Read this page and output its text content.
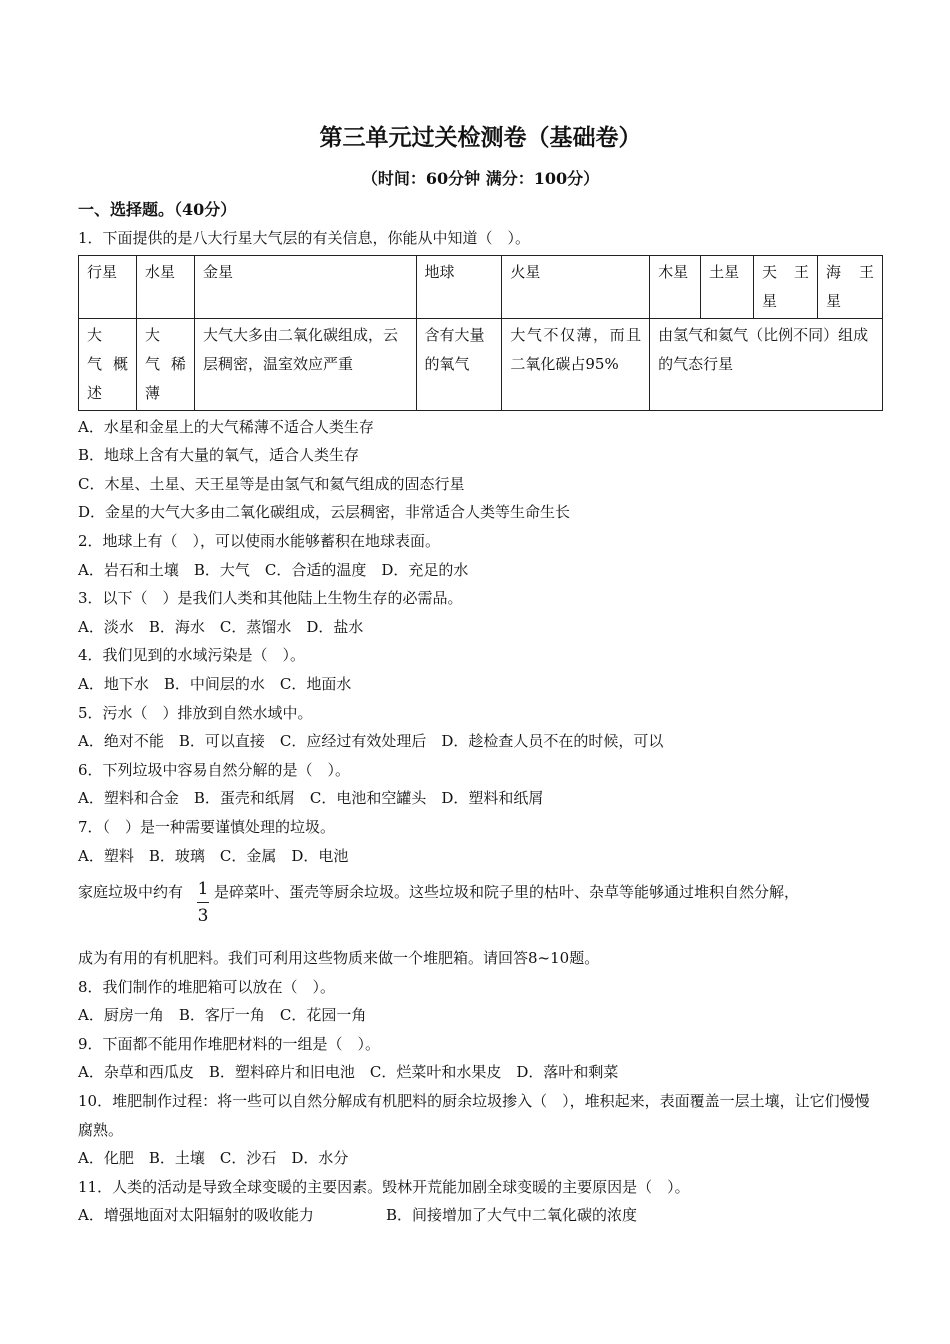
第三单元过关检测卷（基础卷）
（时间：60分钟 满分：100分）
一、选择题。（40分）
1．下面提供的是八大行星大气层的有关信息，你能从中知道（　）。
行星	水星	金星	地球	火星	木星	土星	天　王星	海　王星
大　气概述	大　气稀薄	大气大多由二氧化碳组成，云层稠密，温室效应严重	含有大量的氧气	大气不仅薄，而且二氧化碳占95%	由氢气和氦气（比例不同）组成的气态行星			
A．水星和金星上的大气稀薄不适合人类生存
B．地球上含有大量的氧气，适合人类生存
C．木星、土星、天王星等是由氢气和氦气组成的固态行星
D．金星的大气大多由二氧化碳组成，云层稠密，非常适合人类等生命生长
2．地球上有（　），可以使雨水能够蓄积在地球表面。
A．岩石和土壤　B．大气　C．合适的温度　D．充足的水
3．以下（　）是我们人类和其他陆上生物生存的必需品。
A．淡水　B．海水　C．蒸馏水　D．盐水
4．我们见到的水域污染是（　）。
A．地下水　B．中间层的水　C．地面水
5．污水（　）排放到自然水域中。
A．绝对不能　B．可以直接　C．应经过有效处理后　D．趁检查人员不在的时候，可以
6．下列垃圾中容易自然分解的是（　）。
A．塑料和合金　B．蛋壳和纸屑　C．电池和空罐头　D．塑料和纸屑
7．（　）是一种需要谨慎处理的垃圾。
A．塑料　B．玻璃　C．金属　D．电池
家庭垃圾中约有 1
3
是碎菜叶、蛋壳等厨余垃圾。这些垃圾和院子里的枯叶、杂草等能够通过堆积自然分解，
成为有用的有机肥料。我们可利用这些物质来做一个堆肥箱。请回答8~10题。
8．我们制作的堆肥箱可以放在（　）。
A．厨房一角　B．客厅一角　C．花园一角
9．下面都不能用作堆肥材料的一组是（　）。
A．杂草和西瓜皮　B．塑料碎片和旧电池　C．烂菜叶和水果皮　D．落叶和剩菜
10．堆肥制作过程：将一些可以自然分解成有机肥料的厨余垃圾掺入（　），堆积起来，表面覆盖一层土壤，让它们慢慢腐熟。
A．化肥　B．土壤　C．沙石　D．水分
11．人类的活动是导致全球变暖的主要因素。毁林开荒能加剧全球变暖的主要原因是（　）。
A．增强地面对太阳辐射的吸收能力	B．间接增加了大气中二氧化碳的浓度
